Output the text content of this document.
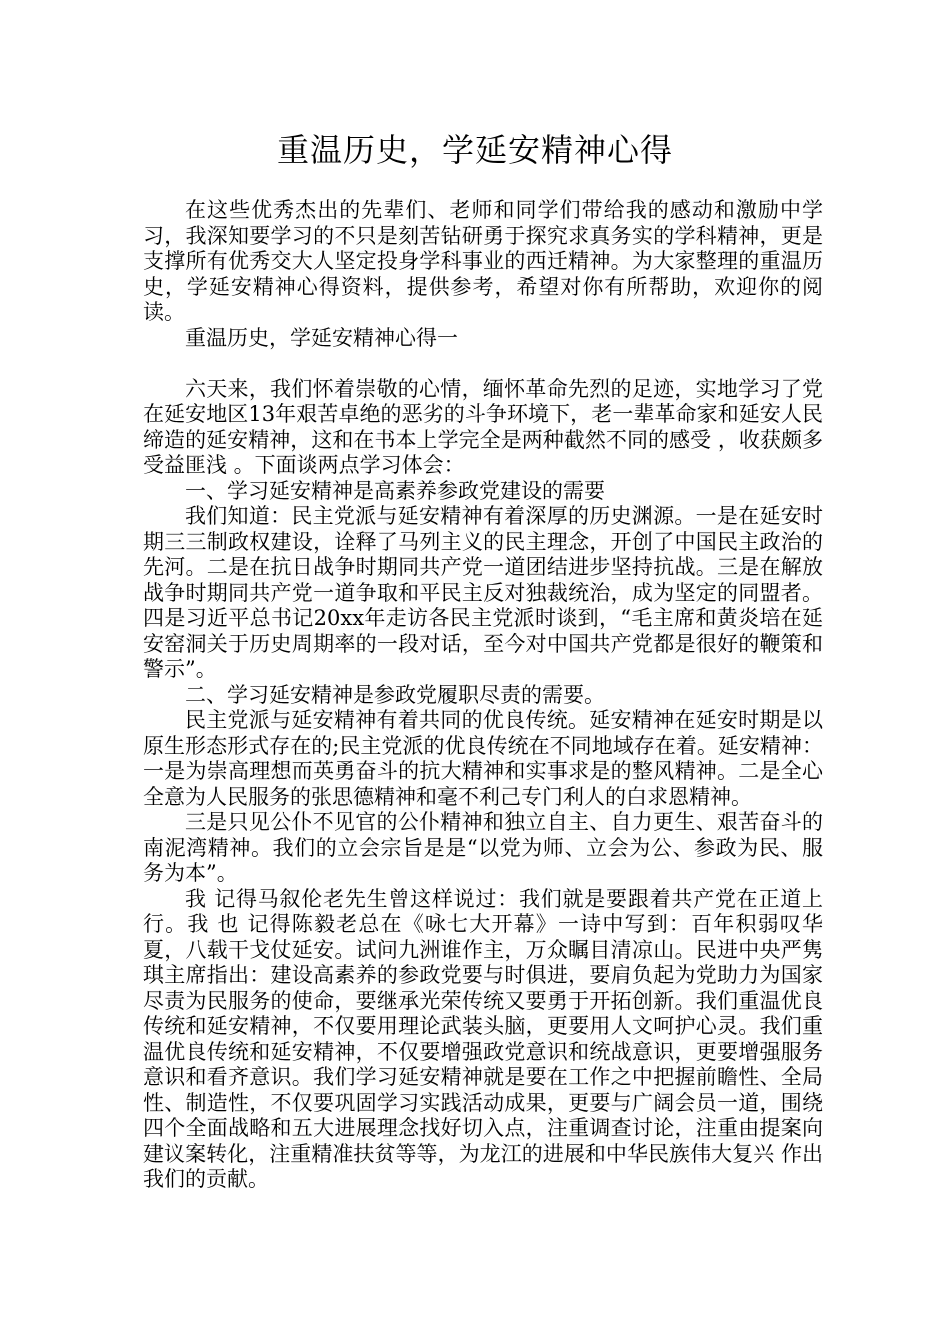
重温历史，学延安精神心得

在这些优秀杰出的先辈们、老师和同学们带给我的感动和激励中学习，我深知要学习的不只是刻苦钻研勇于探究求真务实的学科精神，更是支撑所有优秀交大人坚定投身学科事业的西迁精神。为大家整理的重温历史，学延安精神心得资料，提供参考，希望对你有所帮助，欢迎你的阅读。

重温历史，学延安精神心得一

六天来，我们怀着崇敬的心情，缅怀革命先烈的足迹，实地学习了党在延安地区13年艰苦卓绝的恶劣的斗争环境下，老一辈革命家和延安人民缔造的延安精神，这和在书本上学完全是两种截然不同的感受 ，收获颇多受益匪浅 。下面谈两点学习体会：

一、学习延安精神是高素养参政党建设的需要

我们知道：民主党派与延安精神有着深厚的历史渊源。一是在延安时期三三制政权建设，诠释了马列主义的民主理念，开创了中国民主政治的先河。二是在抗日战争时期同共产党一道团结进步坚持抗战。三是在解放战争时期同共产党一道争取和平民主反对独裁统治，成为坚定的同盟者。四是习近平总书记20xx年走访各民主党派时谈到，“毛主席和黄炎培在延安窑洞关于历史周期率的一段对话，至今对中国共产党都是很好的鞭策和警示”。

二、学习延安精神是参政党履职尽责的需要。

民主党派与延安精神有着共同的优良传统。延安精神在延安时期是以原生形态形式存在的;民主党派的优良传统在不同地域存在着。延安精神：一是为崇高理想而英勇奋斗的抗大精神和实事求是的整风精神。二是全心全意为人民服务的张思德精神和毫不利己专门利人的白求恩精神。

三是只见公仆不见官的公仆精神和独立自主、自力更生、艰苦奋斗的南泥湾精神。我们的立会宗旨是是“以党为师、立会为公、参政为民、服务为本”。

我 记得马叙伦老先生曾这样说过：我们就是要跟着共产党在正道上行。我 也 记得陈毅老总在《咏七大开幕》一诗中写到：百年积弱叹华夏，八载干戈仗延安。试问九洲谁作主，万众瞩目清凉山。民进中央严隽琪主席指出：建设高素养的参政党要与时俱进，要肩负起为党助力为国家尽责为民服务的使命，要继承光荣传统又要勇于开拓创新。我们重温优良传统和延安精神，不仅要用理论武装头脑，更要用人文呵护心灵。我们重温优良传统和延安精神，不仅要增强政党意识和统战意识，更要增强服务意识和看齐意识。我们学习延安精神就是要在工作之中把握前瞻性、全局性、制造性，不仅要巩固学习实践活动成果，更要与广阔会员一道，围绕四个全面战略和五大进展理念找好切入点，注重调查讨论，注重由提案向建议案转化，注重精准扶贫等等，为龙江的进展和中华民族伟大复兴 作出我们的贡献。
